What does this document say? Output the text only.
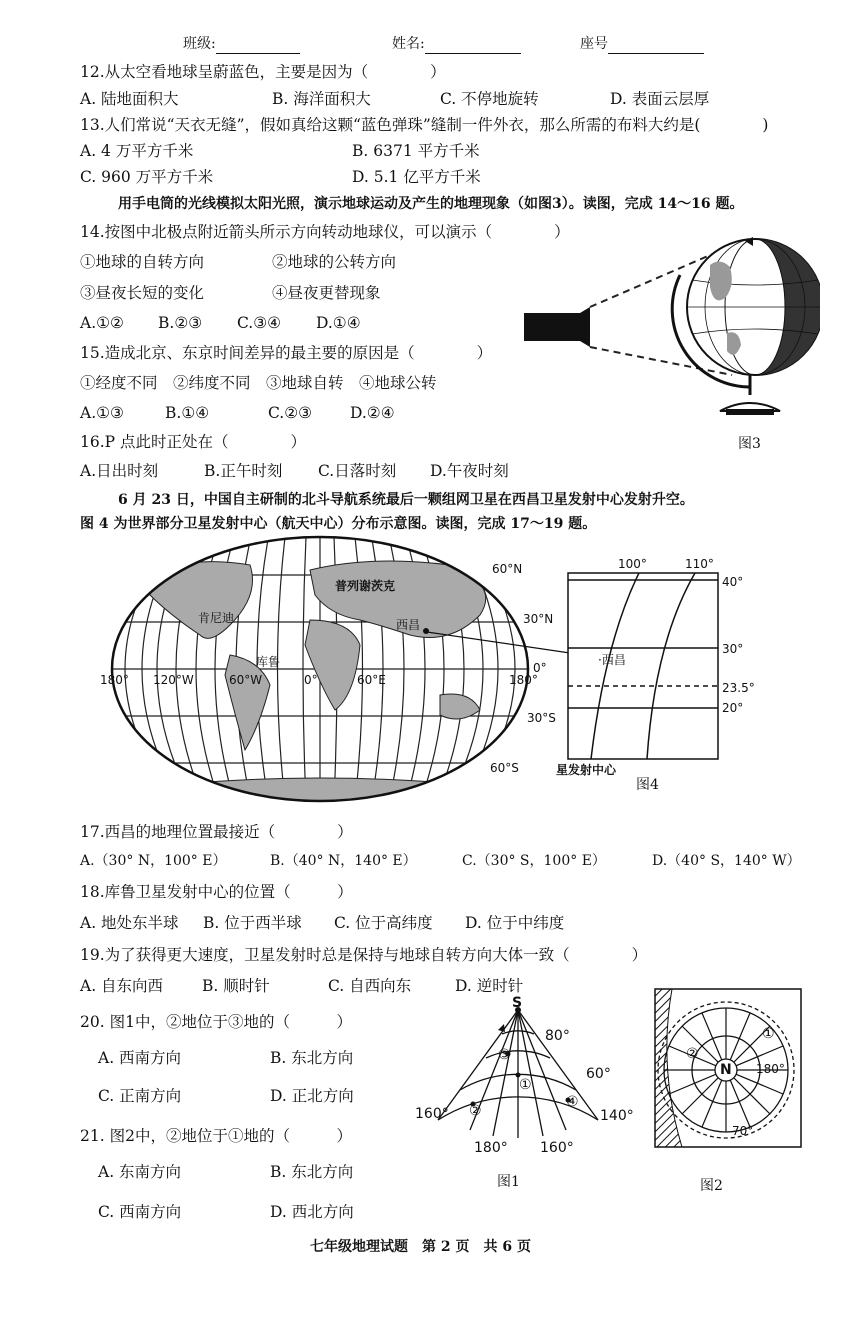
班级:	姓名:	座号
12.从太空看地球呈蔚蓝色，主要是因为（　　　　）
A. 陆地面积大	B. 海洋面积大	C. 不停地旋转	D. 表面云层厚
13.人们常说“天衣无缝”，假如真给这颗“蓝色弹珠”缝制一件外衣，那么所需的布料大约是(　　　　)
A. 4 万平方千米	B. 6371 平方千米
C. 960 万平方千米	D. 5.1 亿平方千米
用手电筒的光线模拟太阳光照，演示地球运动及产生的地理现象（如图3）。读图，完成 14～16 题。
14.按图中北极点附近箭头所示方向转动地球仪，可以演示（　　　　）
①地球的自转方向	②地球的公转方向
③昼夜长短的变化	④昼夜更替现象
A.①② B.②③ C.③④ D.①④
15.造成北京、东京时间差异的最主要的原因是（　　　　）
①经度不同　②纬度不同　③地球自转　④地球公转
A.①③	B.①④	C.②③ D.②④
16.P 点此时正处在（　　　　）
A.日出时刻	B.正午时刻 C.日落时刻 D.午夜时刻
图3
6 月 23 日，中国自主研制的北斗导航系统最后一颗组网卫星在西昌卫星发射中心发射升空。
图 4 为世界部分卫星发射中心（航天中心）分布示意图。读图，完成 17～19 题。
60°N
30°N
0°
30°S
60°S
180° 120°W	60°W	0°	60°E	180°
普列谢茨克
肯尼迪
库鲁
西昌
100°	110°
40°
30°
23.5°
20°
·西昌
星发射中心
图4
17.西昌的地理位置最接近（　　　　）
A.（30° N，100° E）	B.（40° N，140° E）	C.（30° S，100° E）	D.（40° S，140° W）
18.库鲁卫星发射中心的位置（　　　）
A. 地处东半球 B. 位于西半球 C. 位于高纬度 D. 位于中纬度
19.为了获得更大速度，卫星发射时总是保持与地球自转方向大体一致（　　　　）
A. 自东向西	B. 顺时针	C. 自西向东	D. 逆时针
20. 图1中，②地位于③地的（　　　）
A. 西南方向	B. 东北方向
C. 正南方向	D. 正北方向
21. 图2中，②地位于①地的（　　　）
A. 东南方向	B. 东北方向
C. 西南方向	D. 西北方向
S
80°
60°
160°
180° 160°
140°
①
②
③
④
图1
N 180°
70°
①
②
图2
七年级地理试题　第 2 页　共 6 页
